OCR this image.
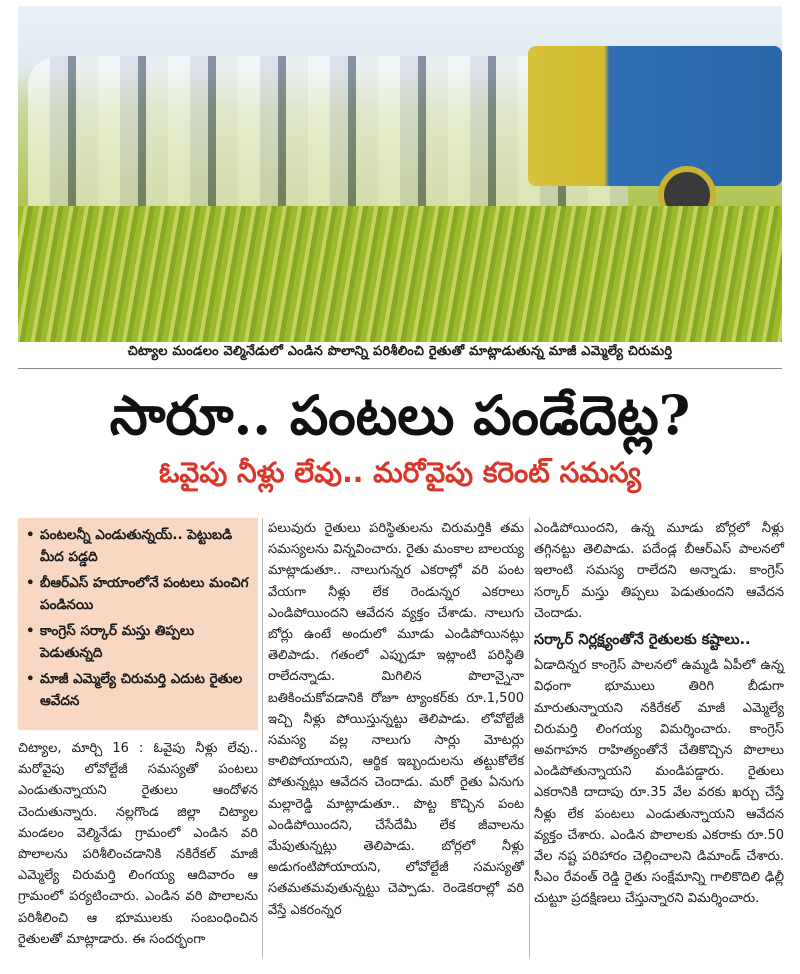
చిట్యాల మండలం వెల్మినేడులో ఎండిన పొలాన్ని పరిశీలించి రైతుతో మాట్లాడుతున్న మాజీ ఎమ్మెల్యే చిరుమర్తి
సారూ.. పంటలు పండేదెట్ల?
ఓవైపు నీళ్లు లేవు.. మరోవైపు కరెంట్ సమస్య
• పంటలన్నీ ఎండుతున్నయ్.. పెట్టుబడి మీద పడ్డది
• బీఆర్ఎస్ హయాంలోనే పంటలు మంచిగ పండినయి
• కాంగ్రెస్ సర్కార్ మస్తు తిప్పలు పెడుతున్నది
• మాజీ ఎమ్మెల్యే చిరుమర్తి ఎదుట రైతుల ఆవేదన

చిట్యాల, మార్చి 16 : ఓవైపు నీళ్లు లేవు.. మరోవైపు లోవోల్టేజీ సమస్యతో పంటలు ఎండుతున్నాయని రైతులు ఆందోళన చెందుతున్నారు. నల్లగొండ జిల్లా చిట్యాల మండలం వెల్మినేడు గ్రామంలో ఎండిన వరి పొలాలను పరిశీలించడానికి నకిరేకల్ మాజీ ఎమ్మెల్యే చిరుమర్తి లింగయ్య ఆదివారం ఆ గ్రామంలో పర్యటించారు. ఎండిన వరి పొలాలను పరిశీలించి ఆ భూములకు సంబంధించిన రైతులతో మాట్లాడారు. ఈ సందర్భంగా

పలువురు రైతులు పరిస్థితులను చిరుమర్తికి తమ సమస్యలను విన్నవించారు. రైతు మంకాల బాలయ్య మాట్లాడుతూ.. నాలుగున్నర ఎకరాల్లో వరి పంట వేయగా నీళ్లు లేక రెండున్నర ఎకరాలు ఎండిపోయిందని ఆవేదన వ్యక్తం చేశాడు. నాలుగు బోర్లు ఉంటే అందులో మూడు ఎండిపోయినట్లు తెలిపాడు. గతంలో ఎప్పుడూ ఇట్లాంటి పరిస్థితి రాలేదన్నాడు. మిగిలిన పొలాన్నైనా బతికించుకోవడానికి రోజూ ట్యాంకర్‌కు రూ.1,500 ఇచ్చి నీళ్లు పోయిస్తున్నట్టు తెలిపాడు. లోవోల్టేజీ సమస్య వల్ల నాలుగు సార్లు మోటర్లు కాలిపోయాయని, ఆర్థిక ఇబ్బందులను తట్టుకోలేక పోతున్నట్లు ఆవేదన చెందాడు. మరో రైతు ఏనుగు మల్లారెడ్డి మాట్లాడుతూ.. పొట్ట కొచ్చిన పంట ఎండిపోయిందని, చేసేదేమీ లేక జీవాలను మేపుతున్నట్లు తెలిపాడు. బోర్లలో నీళ్లు అడుగంటిపోయాయని, లోవోల్టేజీ సమస్యతో సతమతమవుతున్నట్టు చెప్పాడు. రెండెకరాల్లో వరి వేస్తే ఎకరంన్నర

ఎండిపోయిందని, ఉన్న మూడు బోర్లలో నీళ్లు తగ్గినట్టు తెలిపాడు. పదేండ్ల బీఆర్ఎస్ పాలనలో ఇలాంటి సమస్య రాలేదని అన్నాడు. కాంగ్రెస్ సర్కార్ మస్తు తిప్పలు పెడుతుందని ఆవేదన చెందాడు.

సర్కార్ నిర్లక్ష్యంతోనే రైతులకు కష్టాలు..

ఏడాదిన్నర కాంగ్రెస్ పాలనలో ఉమ్మడి ఏపీలో ఉన్న విధంగా భూములు తిరిగి బీడుగా మారుతున్నాయని నకిరేకల్ మాజీ ఎమ్మెల్యే చిరుమర్తి లింగయ్య విమర్శించారు. కాంగ్రెస్ అవగాహన రాహిత్యంతోనే చేతికొచ్చిన పొలాలు ఎండిపోతున్నాయని మండిపడ్డారు. రైతులు ఎకరానికి దాదాపు రూ.35 వేల వరకు ఖర్చు చేస్తే నీళ్లు లేక పంటలు ఎండుతున్నాయని ఆవేదన వ్యక్తం చేశారు. ఎండిన పొలాలకు ఎకరాకు రూ.50 వేల నష్ట పరిహారం చెల్లించాలని డిమాండ్ చేశారు. సీఎం రేవంత్ రెడ్డి రైతు సంక్షేమాన్ని గాలికొదిలి ఢిల్లీ చుట్టూ ప్రదక్షిణలు చేస్తున్నారని విమర్శించారు.
